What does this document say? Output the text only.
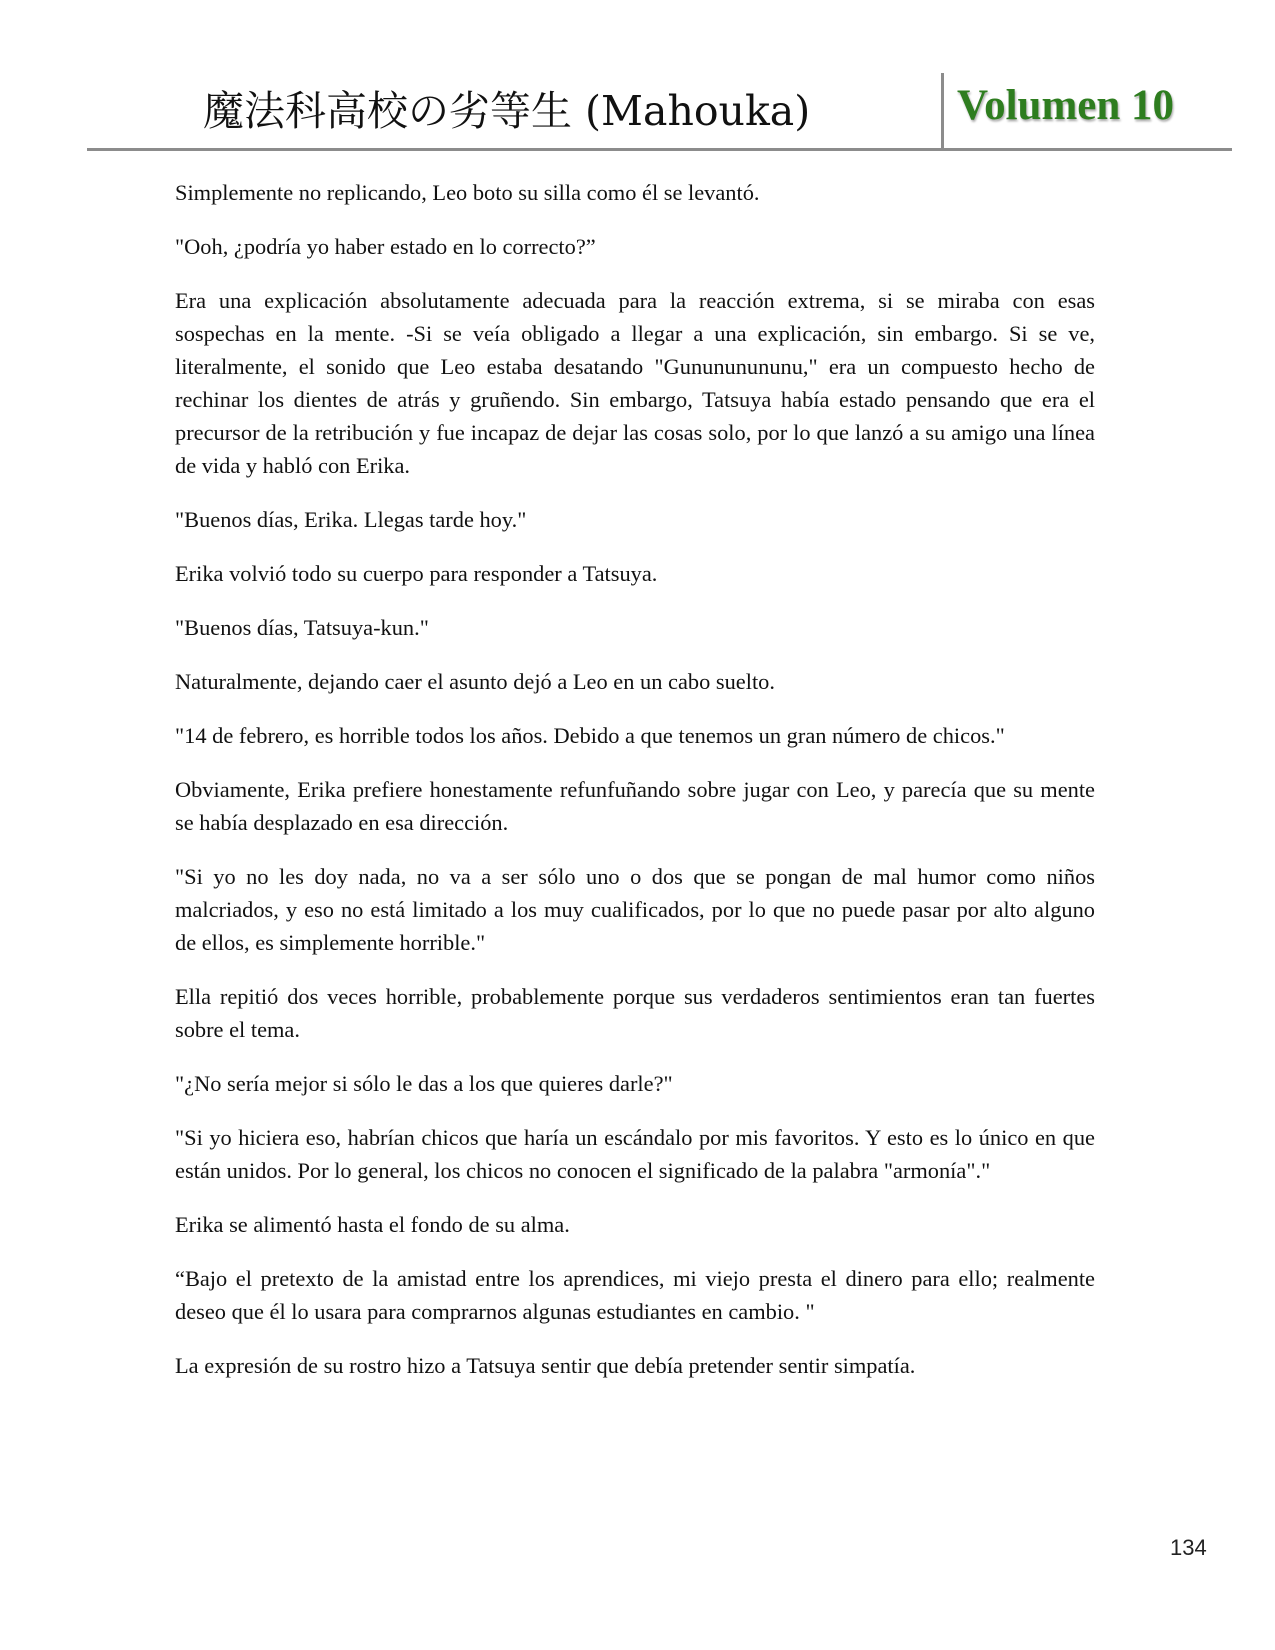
魔法科高校の劣等生 (Mahouka)	Volumen 10

Simplemente no replicando, Leo boto su silla como él se levantó.

"Ooh, ¿podría yo haber estado en lo correcto?”

Era una explicación absolutamente adecuada para la reacción extrema, si se miraba con esas sospechas en la mente. -Si se veía obligado a llegar a una explicación, sin embargo. Si se ve, literalmente, el sonido que Leo estaba desatando "Gunununununu," era un compuesto hecho de rechinar los dientes de atrás y gruñendo. Sin embargo, Tatsuya había estado pensando que era el precursor de la retribución y fue incapaz de dejar las cosas solo, por lo que lanzó a su amigo una línea de vida y habló con Erika.

"Buenos días, Erika. Llegas tarde hoy."

Erika volvió todo su cuerpo para responder a Tatsuya.

"Buenos días, Tatsuya-kun."

Naturalmente, dejando caer el asunto dejó a Leo en un cabo suelto.

"14 de febrero, es horrible todos los años. Debido a que tenemos un gran número de chicos."

Obviamente, Erika prefiere honestamente refunfuñando sobre jugar con Leo, y parecía que su mente se había desplazado en esa dirección.

"Si yo no les doy nada, no va a ser sólo uno o dos que se pongan de mal humor como niños malcriados, y eso no está limitado a los muy cualificados, por lo que no puede pasar por alto alguno de ellos, es simplemente horrible."

Ella repitió dos veces horrible, probablemente porque sus verdaderos sentimientos eran tan fuertes sobre el tema.

"¿No sería mejor si sólo le das a los que quieres darle?"

"Si yo hiciera eso, habrían chicos que haría un escándalo por mis favoritos. Y esto es lo único en que están unidos. Por lo general, los chicos no conocen el significado de la palabra "armonía"."

Erika se alimentó hasta el fondo de su alma.

“Bajo el pretexto de la amistad entre los aprendices, mi viejo presta el dinero para ello; realmente deseo que él lo usara para comprarnos algunas estudiantes en cambio. "

La expresión de su rostro hizo a Tatsuya sentir que debía pretender sentir simpatía.

134
